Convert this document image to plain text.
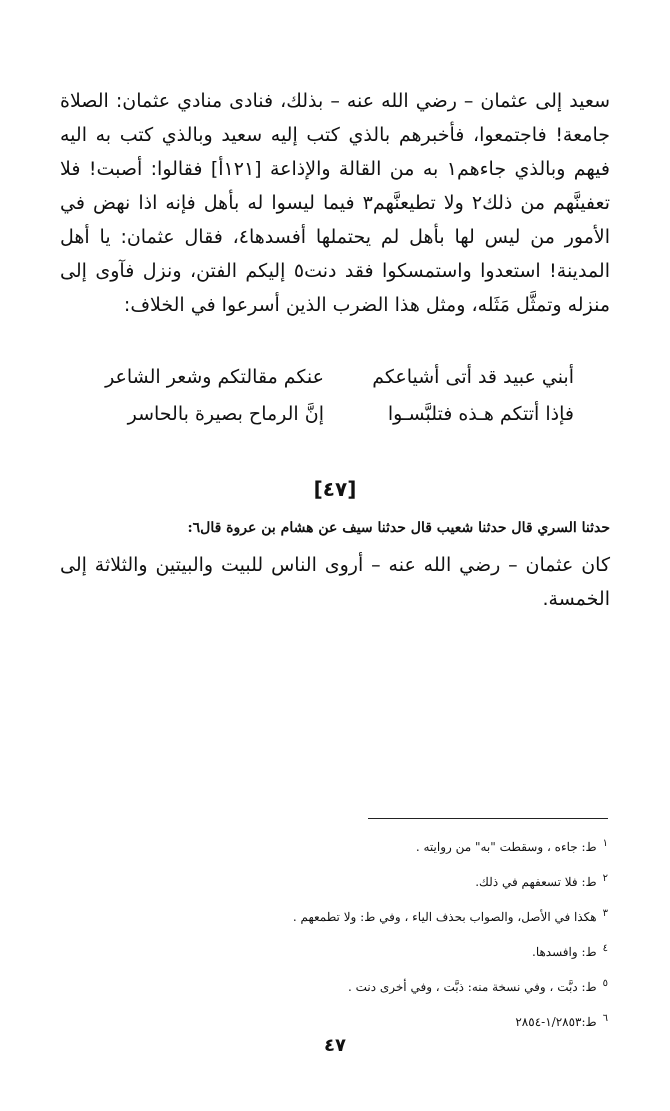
سعيد إلى عثمان – رضي الله عنه – بذلك، فنادى منادي عثمان: الصلاة جامعة! فاجتمعوا، فأخبرهم بالذي كتب إليه سعيد وبالذي كتب به اليه فيهم وبالذي جاءهم١ به من القالة والإذاعة [١٢١أ] فقالوا: أصبت! فلا تعفينَّهم من ذلك٢ ولا تطيعنَّهم٣ فيما ليسوا له بأهل فإنه اذا نهض في الأمور من ليس لها بأهل لم يحتملها أفسدها٤، فقال عثمان: يا أهل المدينة! استعدوا واستمسكوا فقد دنت٥ إليكم الفتن، ونزل فآوى إلى منزله وتمثَّل مَثَله، ومثل هذا الضرب الذين أسرعوا في الخلاف:
أبني عبيد قد أتى أشياعكم
عنكم مقالتكم وشعر الشاعر
فإذا أتتكم هـذه فتلبَّسـوا
إنَّ الرماح بصيرة بالحاسر
[٤٧]
حدثنا السري قال حدثنا شعيب قال حدثنا سيف عن هشام بن عروة قال٦:
كان عثمان – رضي الله عنه – أروى الناس للبيت والبيتين والثلاثة إلى الخمسة.
$^١$ط: جاءه ، وسقطت "به" من روايته .
$^٢$ط: فلا تسعفهم في ذلك.
$^٣$هكذا في الأصل، والصواب بحذف الياء ، وفي ط: ولا تطمعهم .
$^٤$ط: وافسدها.
$^٥$ط: دبَّت ، وفي نسخة منه: ذبَّت ، وفي أخرى دنت .
$^٦$ط:١/٢٨٥٣-٢٨٥٤
٤٧
